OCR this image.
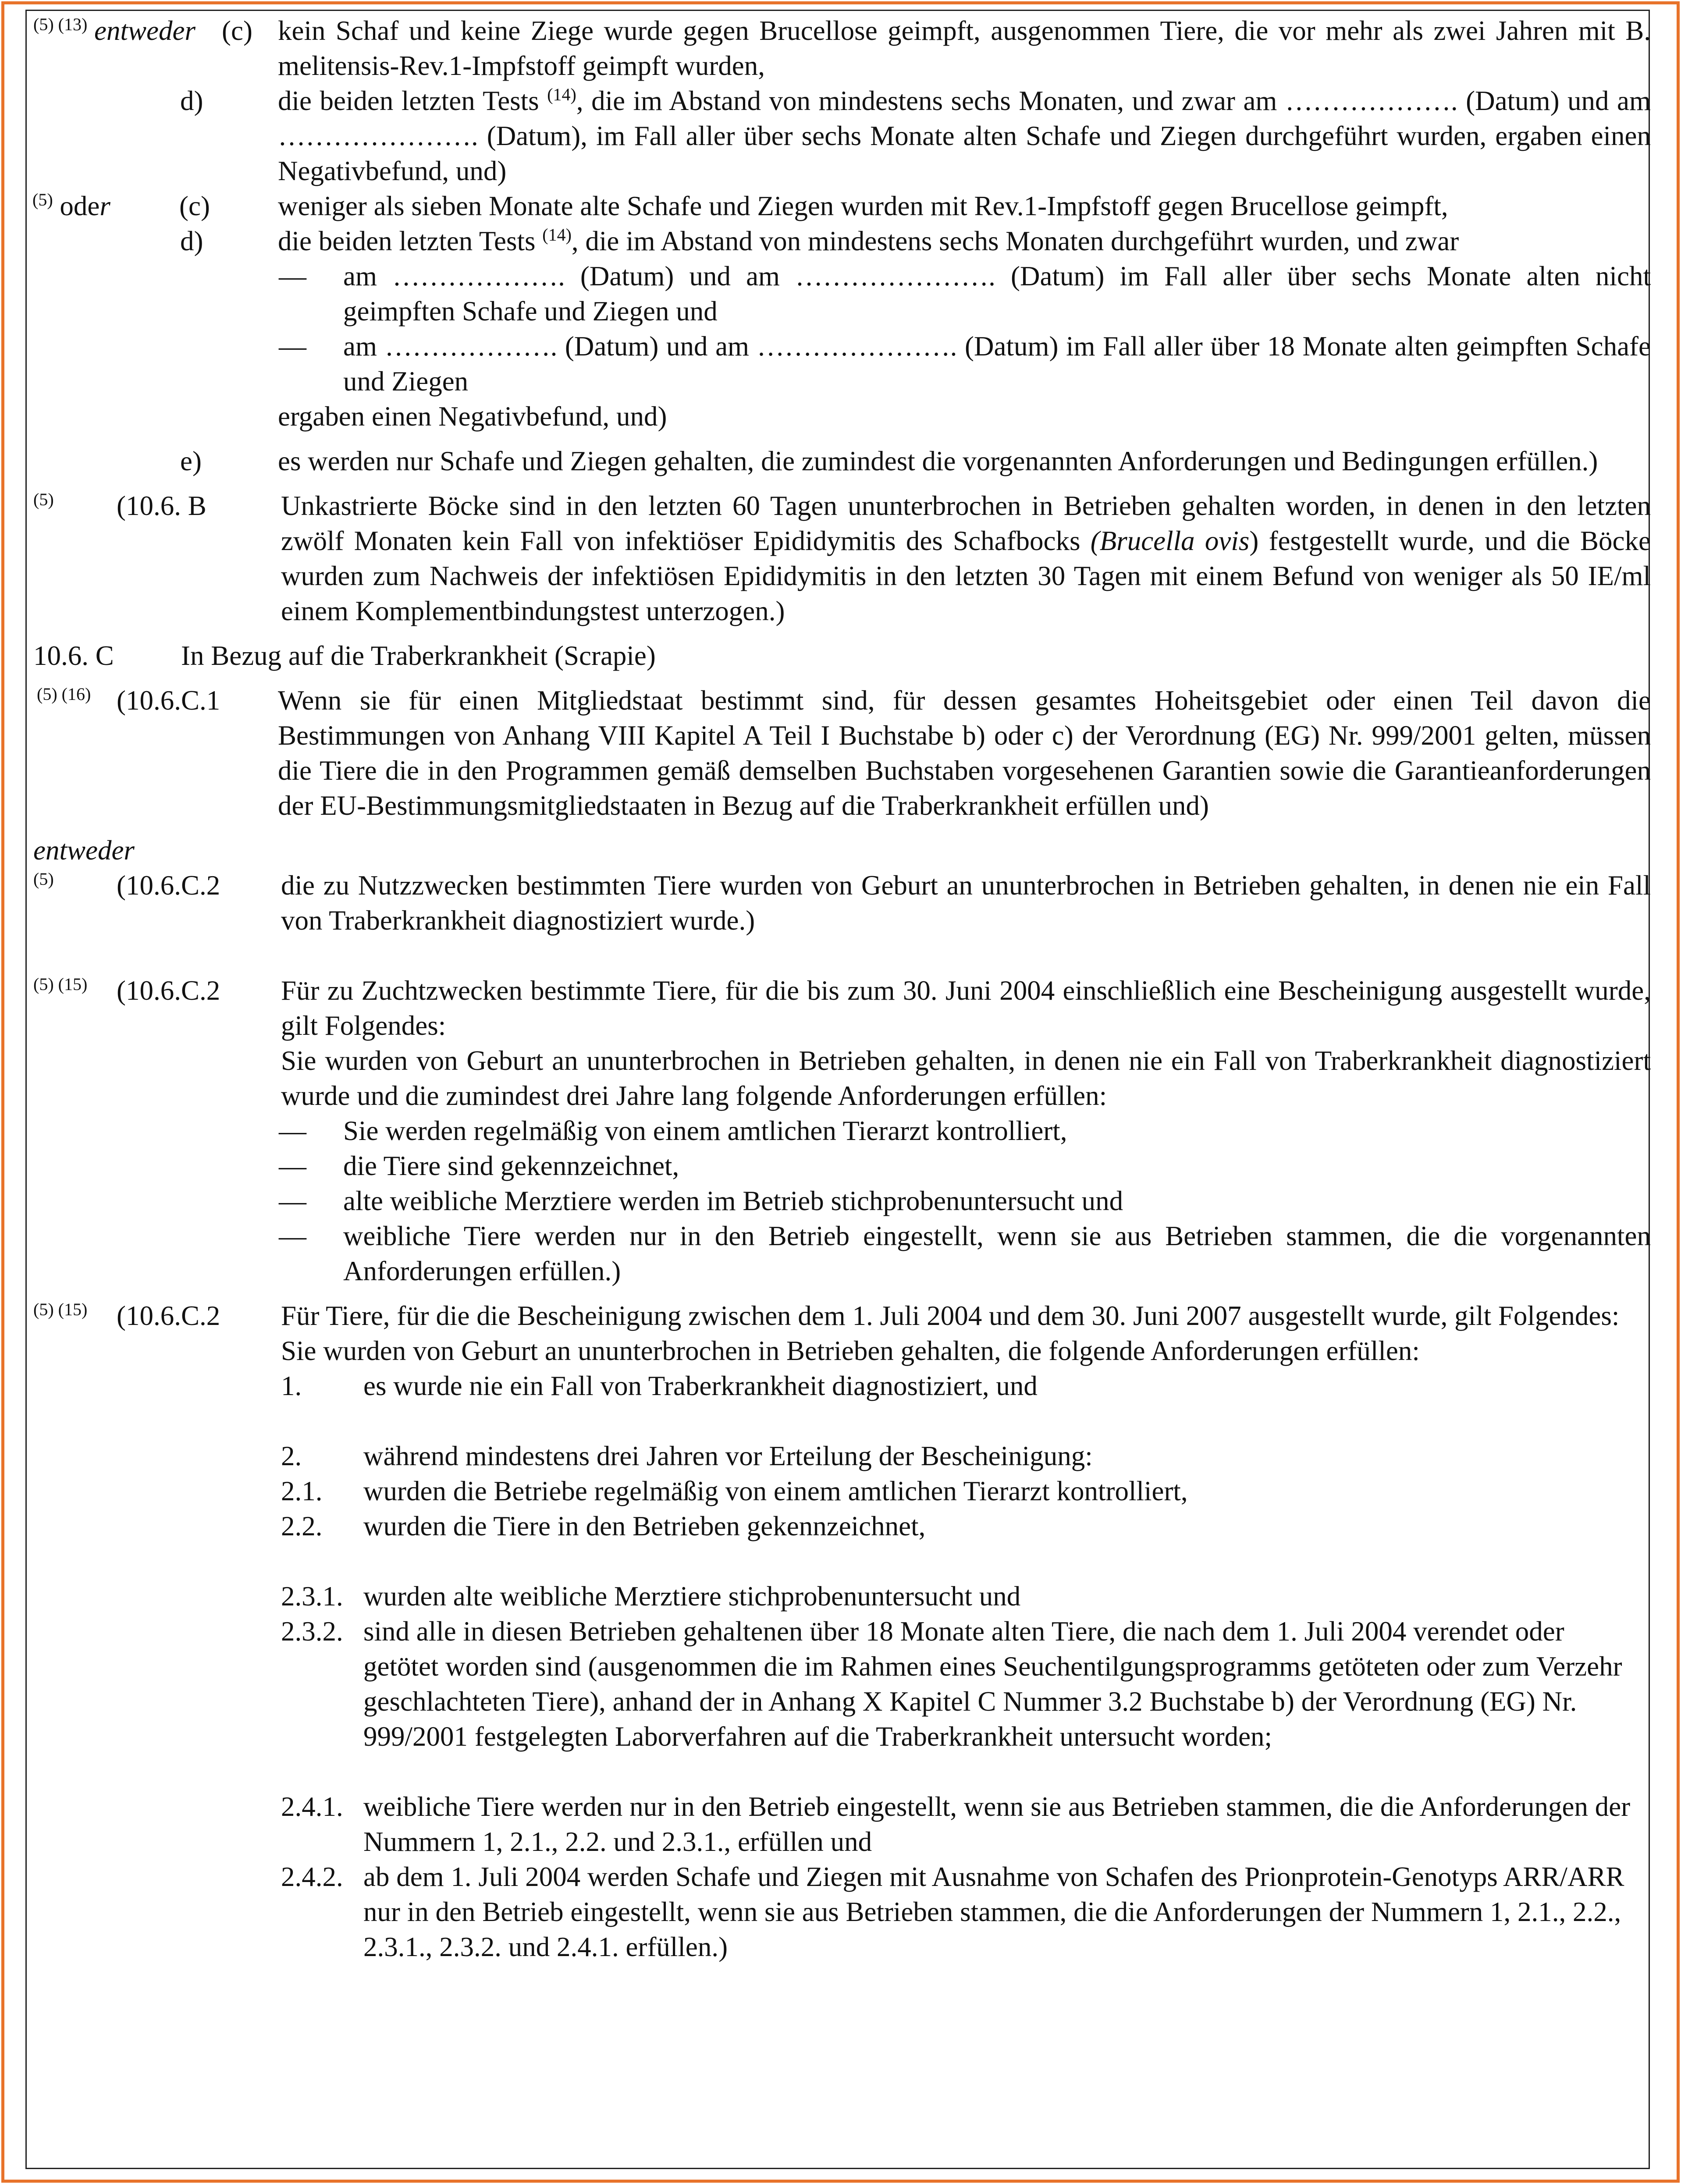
$^{(5) (13)}$ entweder (c) kein Schaf und keine Ziege wurde gegen Brucellose geimpft, ausgenommen Tiere, die vor mehr als zwei Jahren mit B. melitensis-Rev.1-Impfstoff geimpft wurden,
d)	die beiden letzten Tests $^{(14)}$, die im Abstand von mindestens sechs Monaten, und zwar am ………………. (Datum) und am …………………. (Datum), im Fall aller über sechs Monate alten Schafe und Ziegen durchgeführt wurden, ergaben einen Negativbefund, und)
$^{(5)}$ oder (c) weniger als sieben Monate alte Schafe und Ziegen wurden mit Rev.1-Impfstoff gegen Brucellose geimpft,
d)	die beiden letzten Tests $^{(14)}$, die im Abstand von mindestens sechs Monaten durchgeführt wurden, und zwar
— am ………………. (Datum) und am …………………. (Datum) im Fall aller über sechs Monate alten nicht geimpften Schafe und Ziegen und
— am ………………. (Datum) und am …………………. (Datum) im Fall aller über 18 Monate alten geimpften Schafe und Ziegen
ergaben einen Negativbefund, und)
e)	es werden nur Schafe und Ziegen gehalten, die zumindest die vorgenannten Anforderungen und Bedingungen erfüllen.)
$^{(5)}$ (10.6. B	Unkastrierte Böcke sind in den letzten 60 Tagen ununterbrochen in Betrieben gehalten worden, in denen in den letzten zwölf Monaten kein Fall von infektiöser Epididymitis des Schafbocks (Brucella ovis) festgestellt wurde, und die Böcke wurden zum Nachweis der infektiösen Epididymitis in den letzten 30 Tagen mit einem Befund von weniger als 50 IE/ml einem Komplementbindungstest unterzogen.)
10.6. C In Bezug auf die Traberkrankheit (Scrapie)
$^{(5) (16)}$ (10.6.C.1 Wenn sie für einen Mitgliedstaat bestimmt sind, für dessen gesamtes Hoheitsgebiet oder einen Teil davon die Bestimmungen von Anhang VIII Kapitel A Teil I Buchstabe b) oder c) der Verordnung (EG) Nr. 999/2001 gelten, müssen die Tiere die in den Programmen gemäß demselben Buchstaben vorgesehenen Garantien sowie die Garantieanforderungen der EU-Bestimmungsmitgliedstaaten in Bezug auf die Traberkrankheit erfüllen und)
entweder
$^{(5)}$ (10.6.C.2 die zu Nutzzwecken bestimmten Tiere wurden von Geburt an ununterbrochen in Betrieben gehalten, in denen nie ein Fall von Traberkrankheit diagnostiziert wurde.)
$^{(5) (15)}$ (10.6.C.2 Für zu Zuchtzwecken bestimmte Tiere, für die bis zum 30. Juni 2004 einschließlich eine Bescheinigung ausgestellt wurde, gilt Folgendes:
Sie wurden von Geburt an ununterbrochen in Betrieben gehalten, in denen nie ein Fall von Traberkrankheit diagnostiziert wurde und die zumindest drei Jahre lang folgende Anforderungen erfüllen:
— Sie werden regelmäßig von einem amtlichen Tierarzt kontrolliert,
— die Tiere sind gekennzeichnet,
— alte weibliche Merztiere werden im Betrieb stichprobenuntersucht und
— weibliche Tiere werden nur in den Betrieb eingestellt, wenn sie aus Betrieben stammen, die die vorgenannten Anforderungen erfüllen.)
$^{(5) (15)}$ (10.6.C.2 Für Tiere, für die die Bescheinigung zwischen dem 1. Juli 2004 und dem 30. Juni 2007 ausgestellt wurde, gilt Folgendes:
Sie wurden von Geburt an ununterbrochen in Betrieben gehalten, die folgende Anforderungen erfüllen:
1. es wurde nie ein Fall von Traberkrankheit diagnostiziert, und
2. während mindestens drei Jahren vor Erteilung der Bescheinigung:
2.1. wurden die Betriebe regelmäßig von einem amtlichen Tierarzt kontrolliert,
2.2. wurden die Tiere in den Betrieben gekennzeichnet,
2.3.1. wurden alte weibliche Merztiere stichprobenuntersucht und
2.3.2. sind alle in diesen Betrieben gehaltenen über 18 Monate alten Tiere, die nach dem 1. Juli 2004 verendet oder getötet worden sind (ausgenommen die im Rahmen eines Seuchentilgungsprogramms getöteten oder zum Verzehr geschlachteten Tiere), anhand der in Anhang X Kapitel C Nummer 3.2 Buchstabe b) der Verordnung (EG) Nr. 999/2001 festgelegten Laborverfahren auf die Traberkrankheit untersucht worden;
2.4.1. weibliche Tiere werden nur in den Betrieb eingestellt, wenn sie aus Betrieben stammen, die die Anforderungen der Nummern 1, 2.1., 2.2. und 2.3.1., erfüllen und
2.4.2. ab dem 1. Juli 2004 werden Schafe und Ziegen mit Ausnahme von Schafen des Prionprotein-Genotyps ARR/ARR nur in den Betrieb eingestellt, wenn sie aus Betrieben stammen, die die Anforderungen der Nummern 1, 2.1., 2.2., 2.3.1., 2.3.2. und 2.4.1. erfüllen.)
